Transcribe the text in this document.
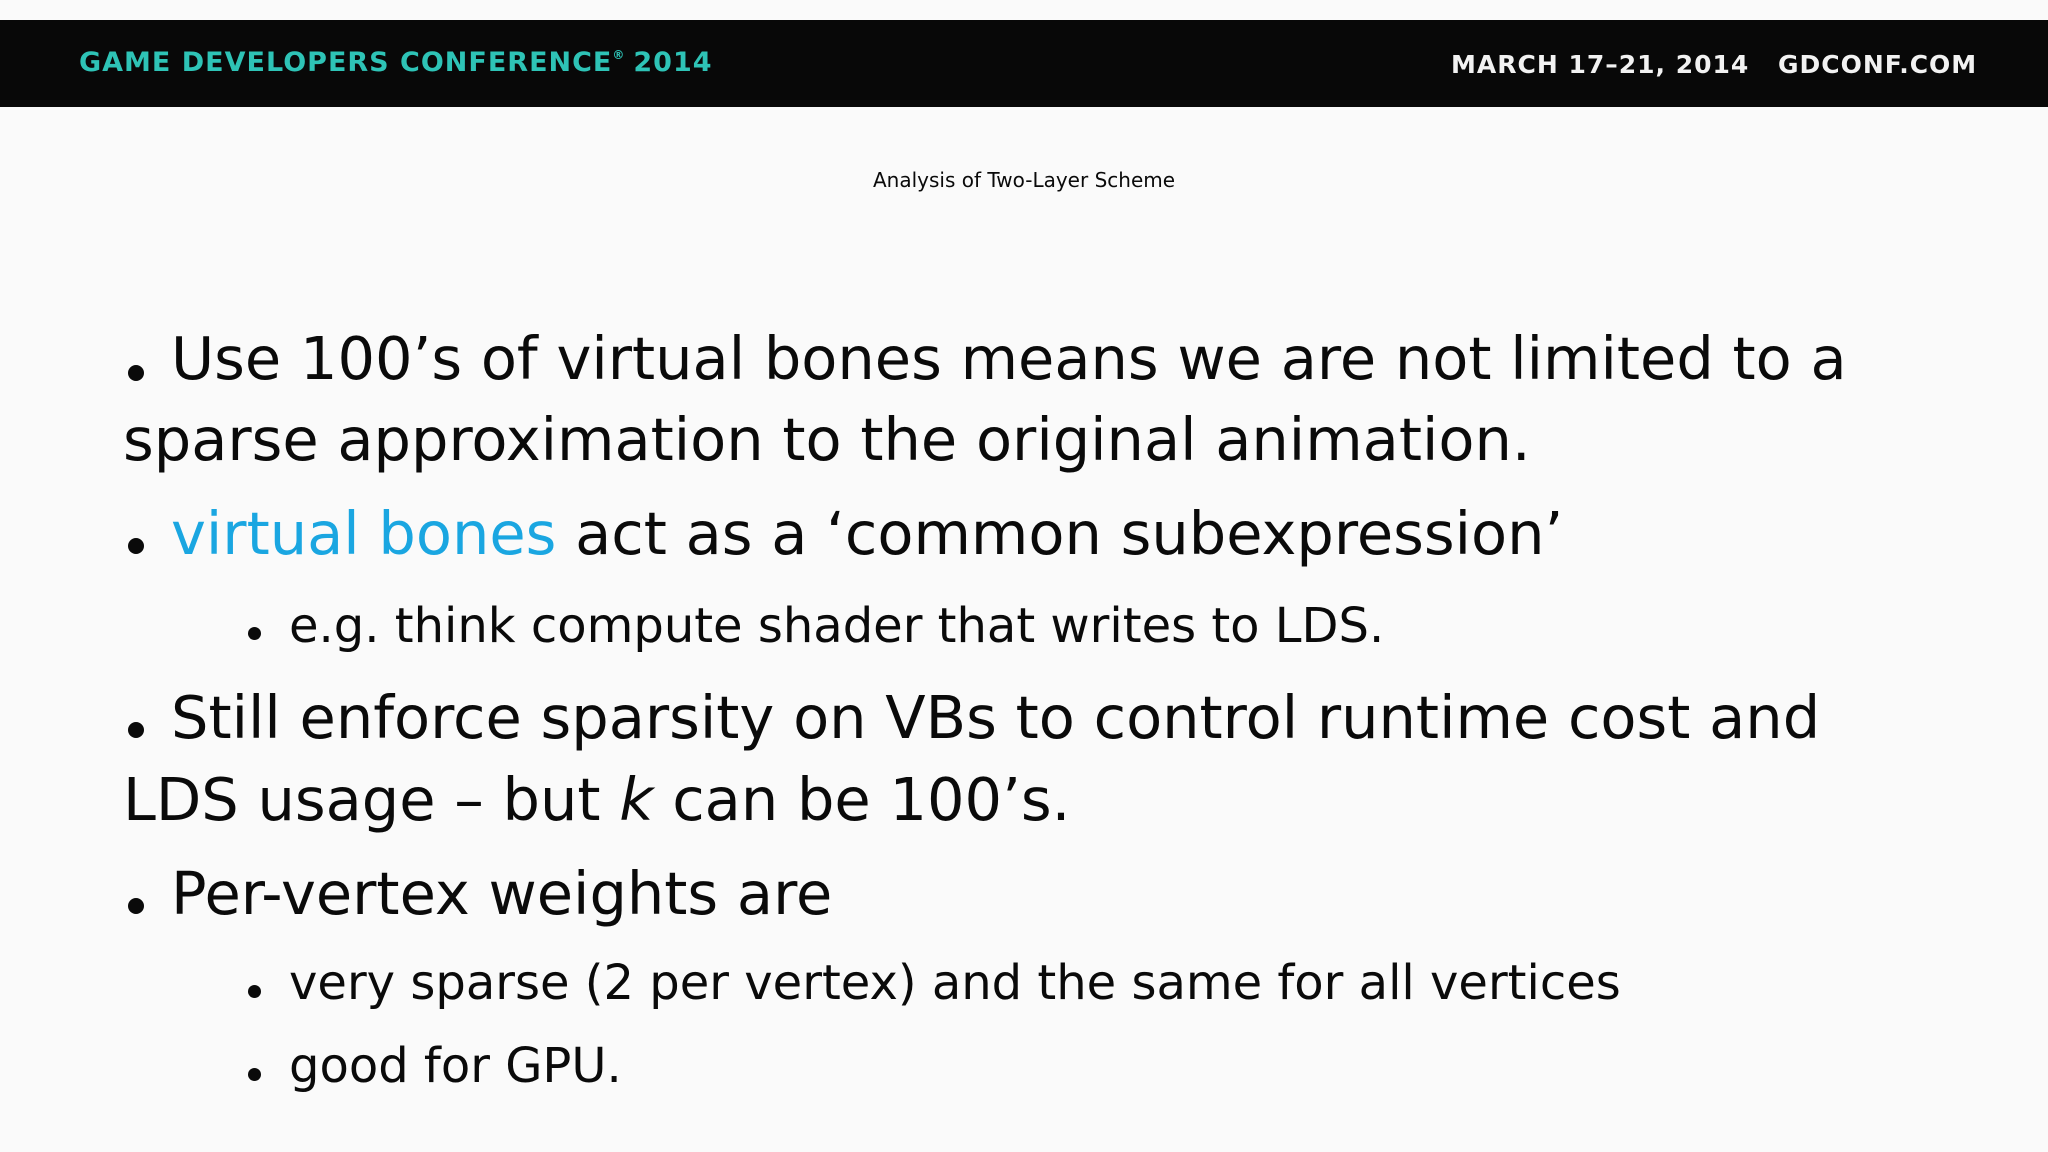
GAME DEVELOPERS CONFERENCE® 2014	MARCH 17–21, 2014 GDCONF.COM
Analysis of Two-Layer Scheme
Use 100’s of virtual bones means we are not limited to a
sparse approximation to the original animation.
virtual bones act as a ‘common subexpression’
e.g. think compute shader that writes to LDS.
Still enforce sparsity on VBs to control runtime cost and
LDS usage – but k can be 100’s.
Per-vertex weights are
very sparse (2 per vertex) and the same for all vertices
good for GPU.
